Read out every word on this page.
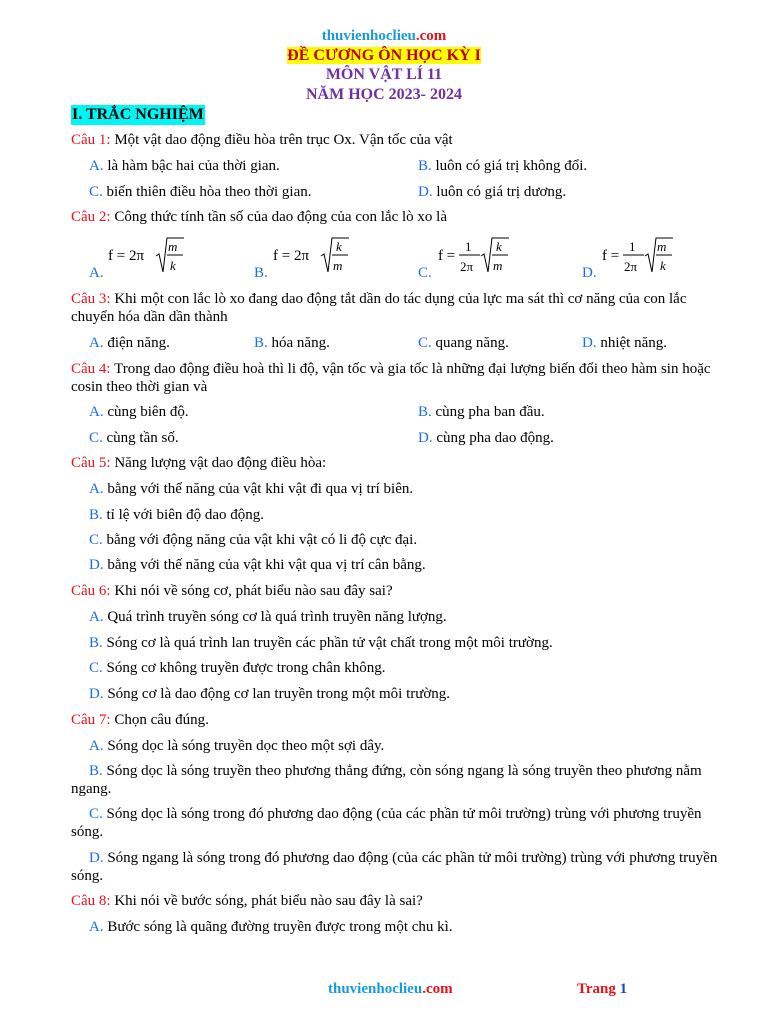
thuvienhoclieu.com
ĐỀ CƯƠNG ÔN HỌC KỲ I
MÔN VẬT LÍ 11
NĂM HỌC 2023- 2024
I. TRẮC NGHIỆM
Câu 1: Một vật dao động điều hòa trên trục Ox. Vận tốc của vật
A. là hàm bậc hai của thời gian.	B. luôn có giá trị không đổi.
C. biến thiên điều hòa theo thời gian.	D. luôn có giá trị dương.
Câu 2: Công thức tính tần số của dao động của con lắc lò xo là
A.
f = 2π
m
k	B.
f = 2π
k
m	C.
f =
1
2π
k
m	D.
f =
1
2π
m
k
Câu 3: Khi một con lắc lò xo đang dao động tắt dần do tác dụng của lực ma sát thì cơ năng của con lắc chuyển hóa dần dần thành
A. điện năng.	B. hóa năng.	C. quang năng.	D. nhiệt năng.
Câu 4: Trong dao động điều hoà thì li độ, vận tốc và gia tốc là những đại lượng biến đổi theo hàm sin hoặc cosin theo thời gian và
A. cùng biên độ.	B. cùng pha ban đầu.
C. cùng tần số.	D. cùng pha dao động.
Câu 5: Năng lượng vật dao động điều hòa:
A. bằng với thế năng của vật khi vật đi qua vị trí biên.
B. tỉ lệ với biên độ dao động.
C. bằng với động năng của vật khi vật có li độ cực đại.
D. bằng với thế năng của vật khi vật qua vị trí cân bằng.
Câu 6: Khi nói về sóng cơ, phát biểu nào sau đây sai?
A. Quá trình truyền sóng cơ là quá trình truyền năng lượng.
B. Sóng cơ là quá trình lan truyền các phần tử vật chất trong một môi trường.
C. Sóng cơ không truyền được trong chân không.
D. Sóng cơ là dao động cơ lan truyền trong một môi trường.
Câu 7: Chọn câu đúng.
A. Sóng dọc là sóng truyền dọc theo một sợi dây.
B. Sóng dọc là sóng truyền theo phương thẳng đứng, còn sóng ngang là sóng truyền theo phương nằm ngang.
C. Sóng dọc là sóng trong đó phương dao động (của các phần tử môi trường) trùng với phương truyền sóng.
D. Sóng ngang là sóng trong đó phương dao động (của các phần tử môi trường) trùng với phương truyền sóng.
Câu 8: Khi nói về bước sóng, phát biểu nào sau đây là sai?
A. Bước sóng là quãng đường truyền được trong một chu kì.
thuvienhoclieu.com	Trang 1
